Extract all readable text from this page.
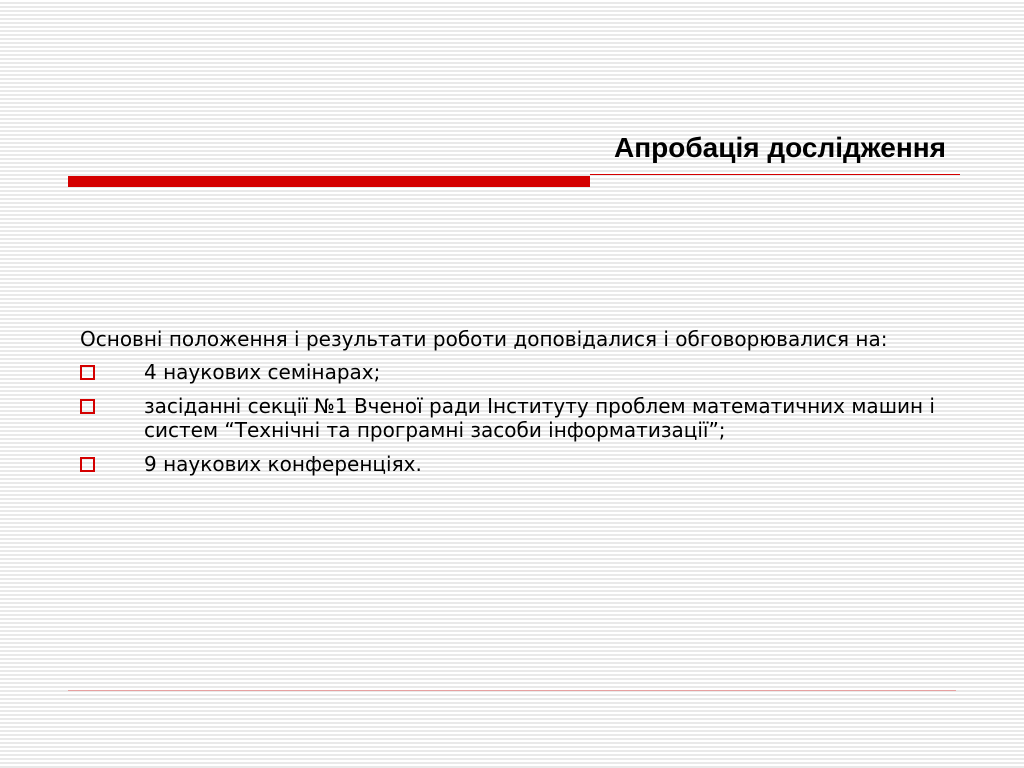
Апробація дослідження

Основні положення і результати роботи доповідалися і обговорювалися на:

4 наукових семінарах;
засіданні секції №1 Вченої ради Інституту проблем математичних машин і систем “Технічні та програмні засоби інформатизації”;
9 наукових конференціях.
